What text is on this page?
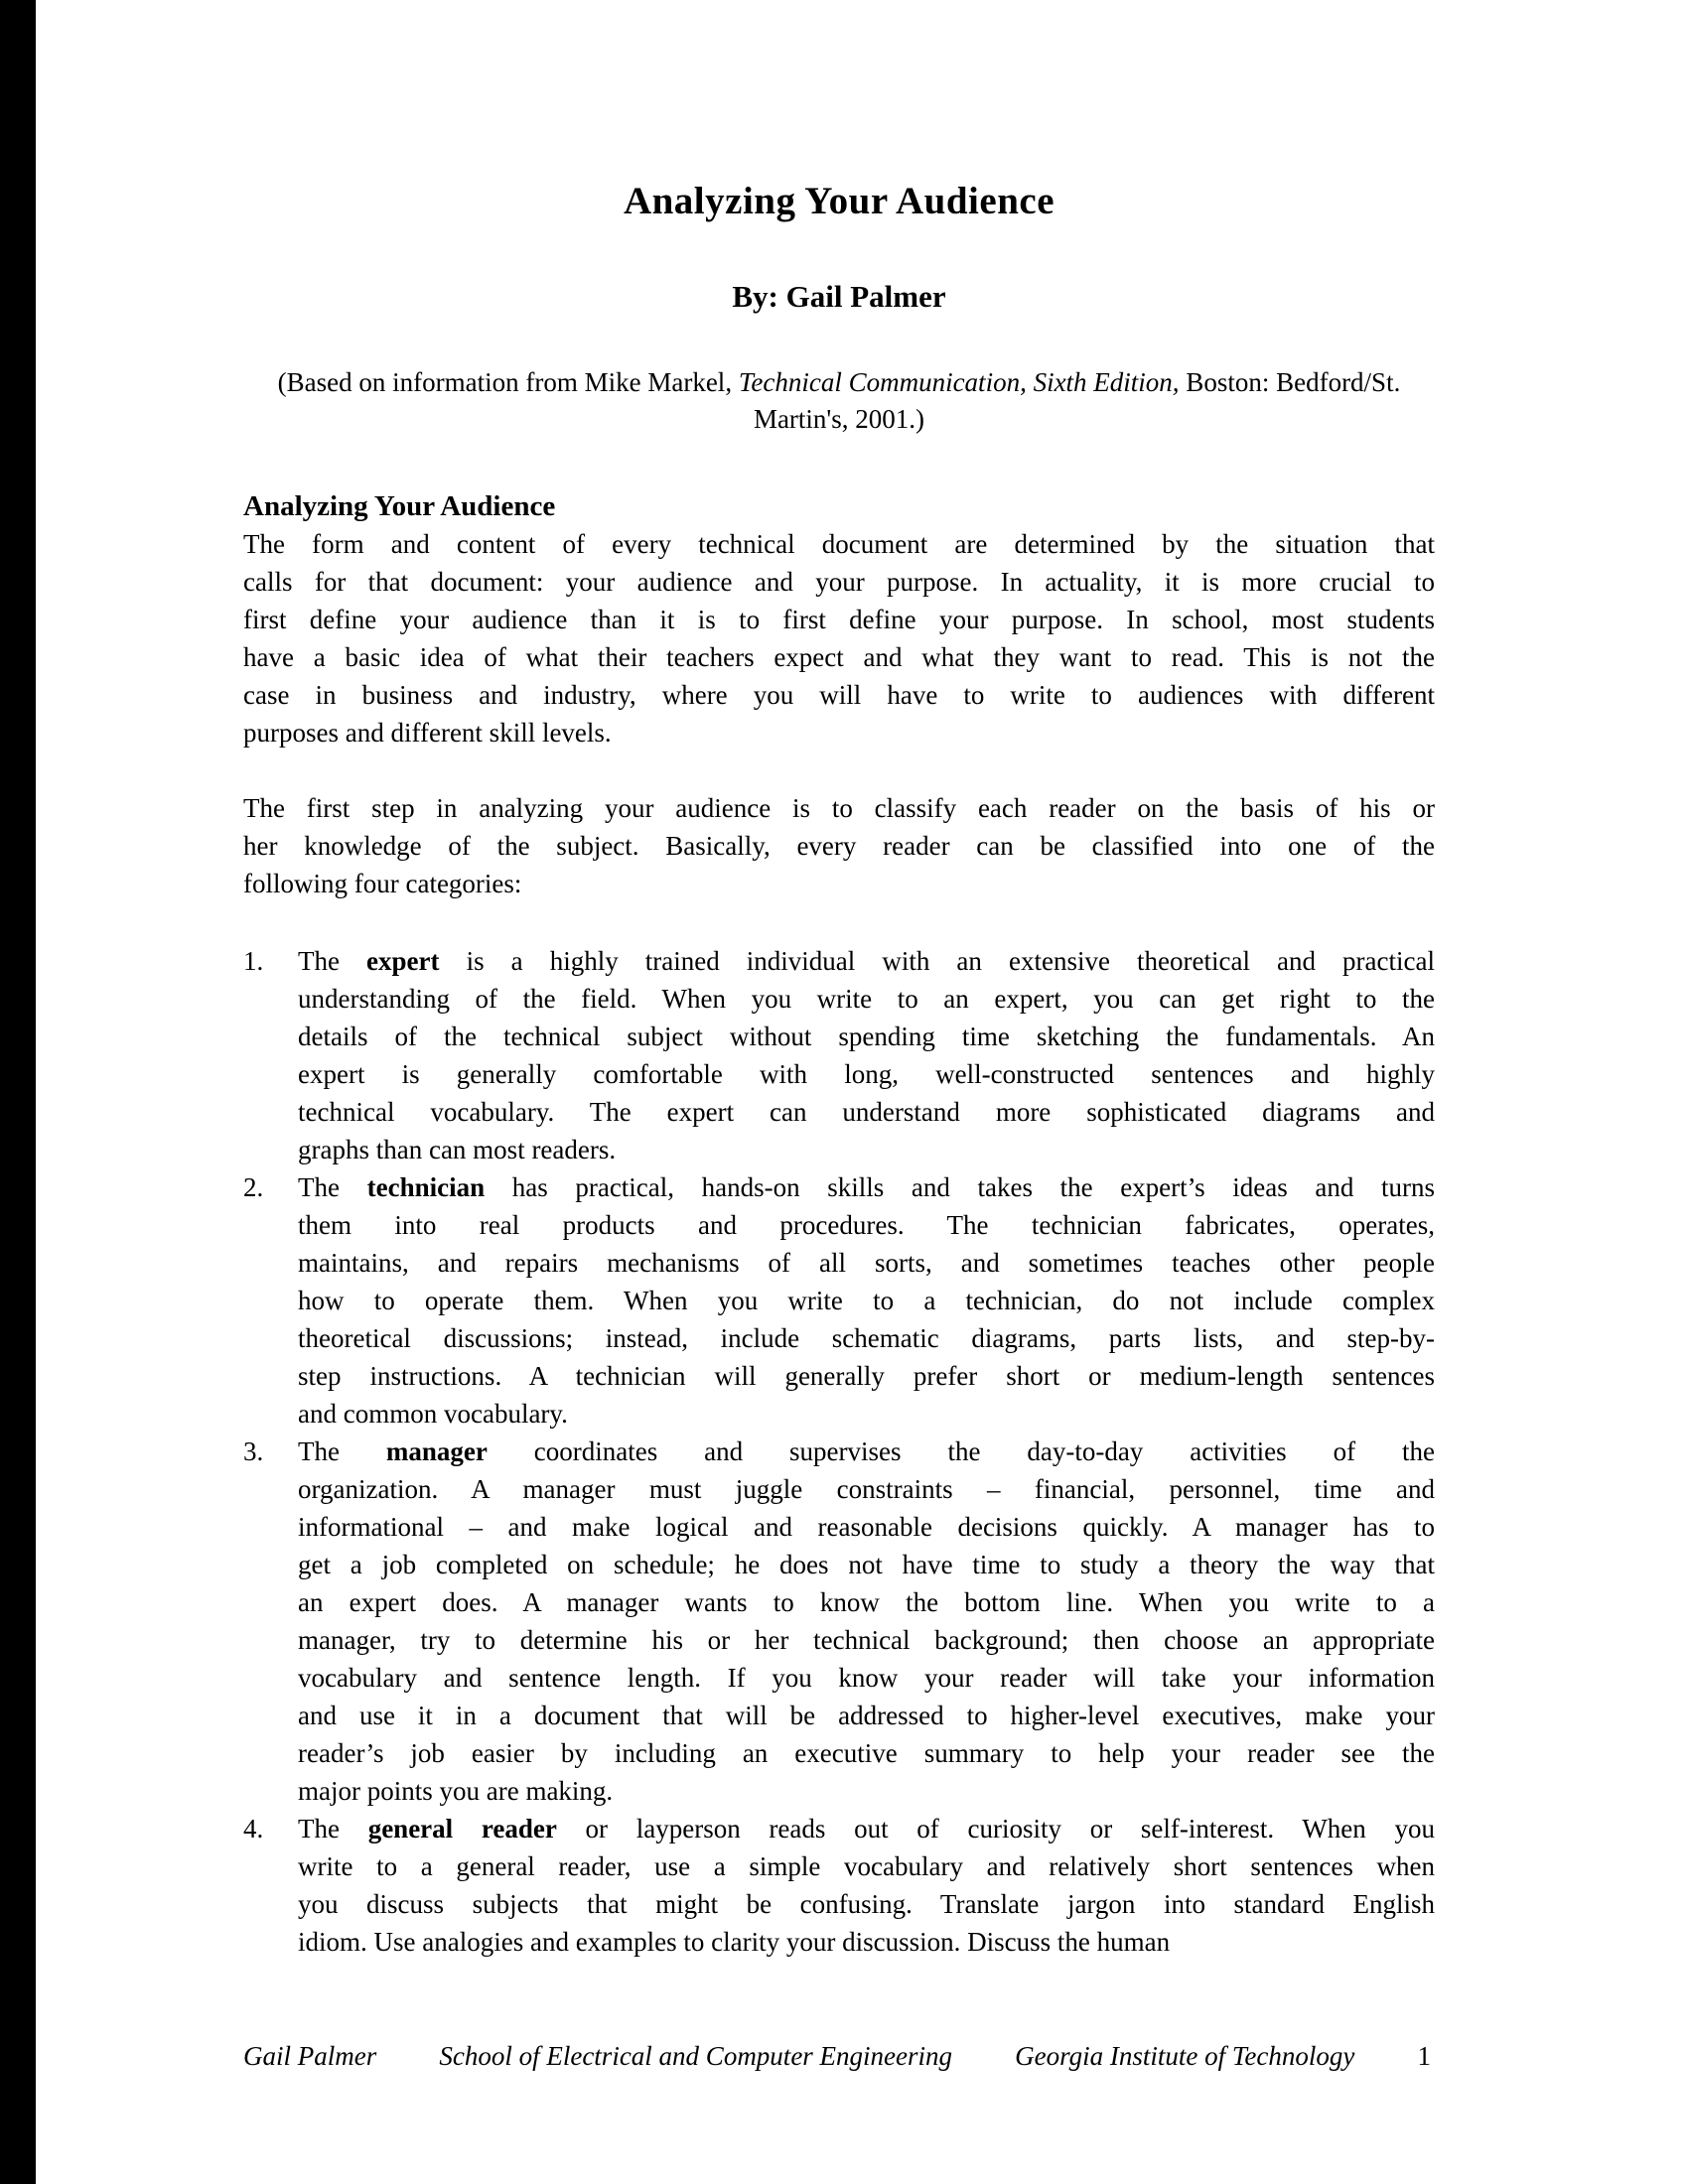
Analyzing Your Audience
By: Gail Palmer
(Based on information from Mike Markel, Technical Communication, Sixth Edition, Boston: Bedford/St.
Martin's, 2001.)
Analyzing Your Audience
The form and content of every technical document are determined by the situation that
calls for that document: your audience and your purpose. In actuality, it is more crucial to
first define your audience than it is to first define your purpose. In school, most students
have a basic idea of what their teachers expect and what they want to read. This is not the
case in business and industry, where you will have to write to audiences with different
purposes and different skill levels.
The first step in analyzing your audience is to classify each reader on the basis of his or
her knowledge of the subject. Basically, every reader can be classified into one of the
following four categories:
1.	The expert is a highly trained individual with an extensive theoretical and practical
understanding of the field. When you write to an expert, you can get right to the
details of the technical subject without spending time sketching the fundamentals. An
expert is generally comfortable with long, well-constructed sentences and highly
technical vocabulary. The expert can understand more sophisticated diagrams and
graphs than can most readers.
2.	The technician has practical, hands-on skills and takes the expert’s ideas and turns
them into real products and procedures. The technician fabricates, operates,
maintains, and repairs mechanisms of all sorts, and sometimes teaches other people
how to operate them. When you write to a technician, do not include complex
theoretical discussions; instead, include schematic diagrams, parts lists, and step-by-
step instructions. A technician will generally prefer short or medium-length sentences
and common vocabulary.
3.	The manager coordinates and supervises the day-to-day activities of the
organization. A manager must juggle constraints – financial, personnel, time and
informational – and make logical and reasonable decisions quickly. A manager has to
get a job completed on schedule; he does not have time to study a theory the way that
an expert does. A manager wants to know the bottom line. When you write to a
manager, try to determine his or her technical background; then choose an appropriate
vocabulary and sentence length. If you know your reader will take your information
and use it in a document that will be addressed to higher-level executives, make your
reader’s job easier by including an executive summary to help your reader see the
major points you are making.
4.	The general reader or layperson reads out of curiosity or self-interest. When you
write to a general reader, use a simple vocabulary and relatively short sentences when
you discuss subjects that might be confusing. Translate jargon into standard English
idiom. Use analogies and examples to clarity your discussion. Discuss the human
Gail Palmer School of Electrical and Computer Engineering Georgia Institute of Technology 1
